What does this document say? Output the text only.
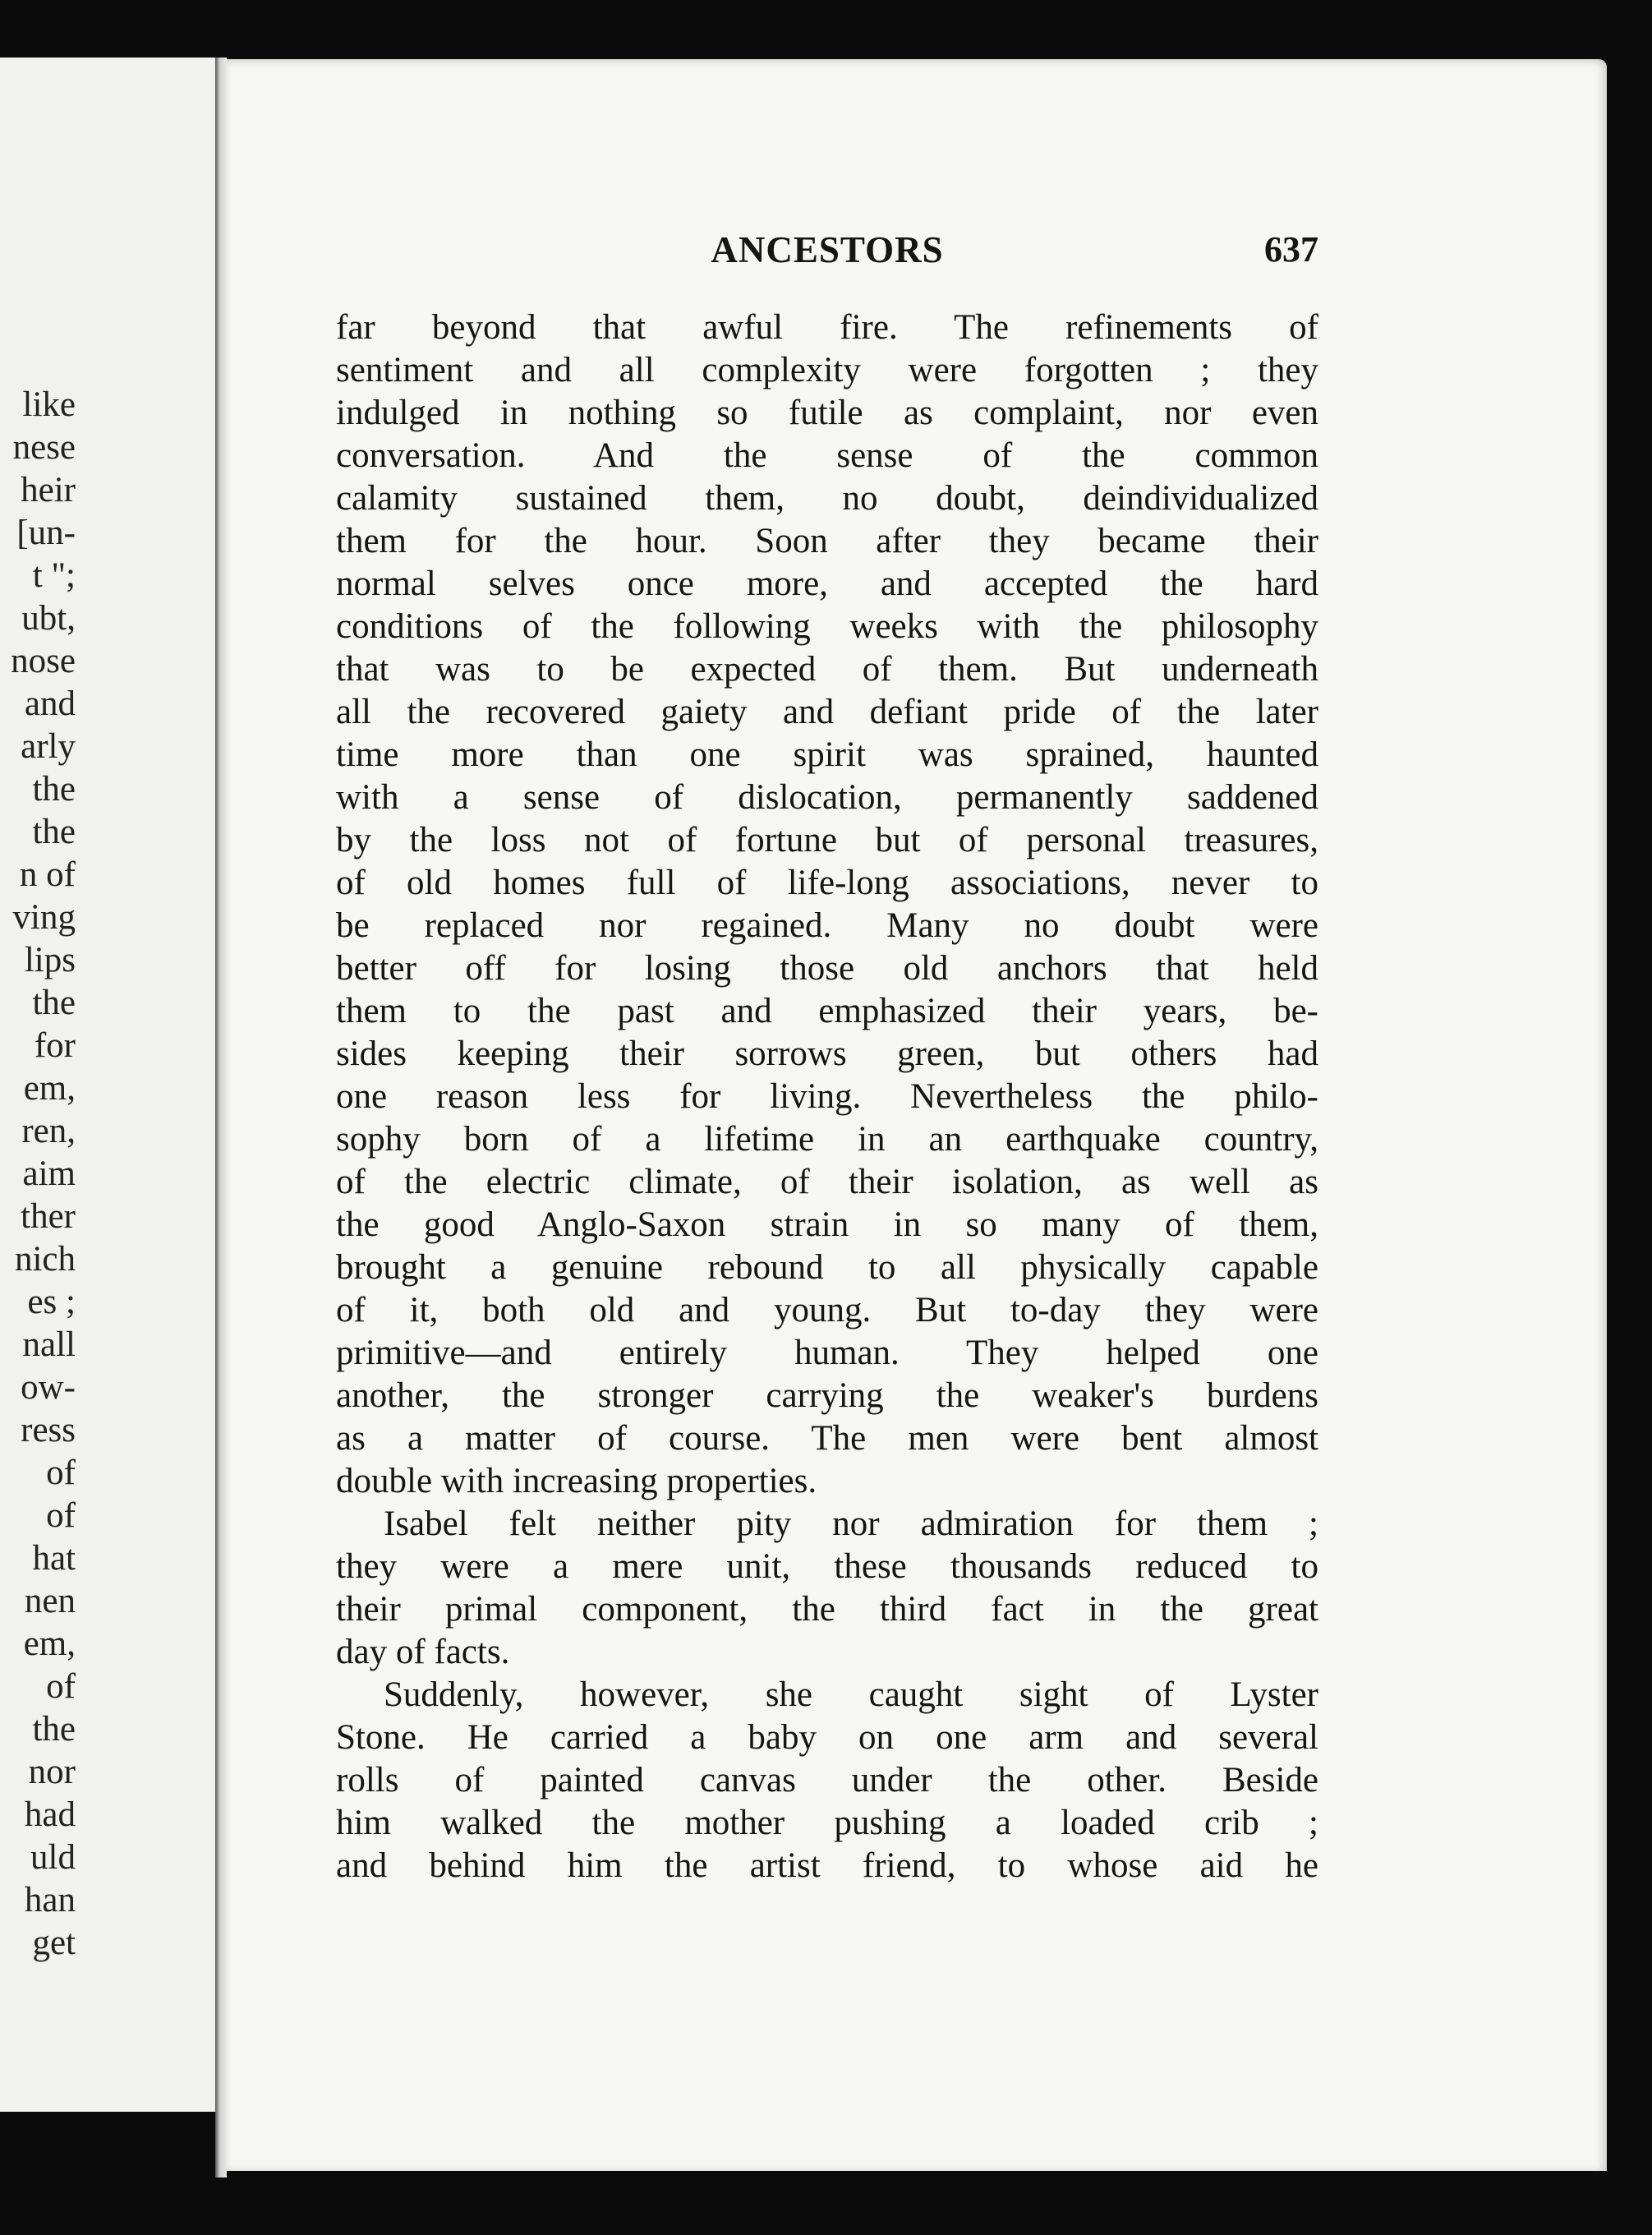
like
nese
heir
[un-
t ";
ubt,
nose
and
arly
the
the
n of
ving
lips
the
for
em,
ren,
aim
ther
nich
es ;
nall
ow-
ress
of
of
hat
nen
em,
of
the
nor
had
uld
han
get
ANCESTORS	637
far beyond that awful fire. The refinements of
sentiment and all complexity were forgotten ; they
indulged in nothing so futile as complaint, nor even
conversation. And the sense of the common
calamity sustained them, no doubt, deindividualized
them for the hour. Soon after they became their
normal selves once more, and accepted the hard
conditions of the following weeks with the philosophy
that was to be expected of them. But underneath
all the recovered gaiety and defiant pride of the later
time more than one spirit was sprained, haunted
with a sense of dislocation, permanently saddened
by the loss not of fortune but of personal treasures,
of old homes full of life-long associations, never to
be replaced nor regained. Many no doubt were
better off for losing those old anchors that held
them to the past and emphasized their years, be-
sides keeping their sorrows green, but others had
one reason less for living. Nevertheless the philo-
sophy born of a lifetime in an earthquake country,
of the electric climate, of their isolation, as well as
the good Anglo-Saxon strain in so many of them,
brought a genuine rebound to all physically capable
of it, both old and young. But to-day they were
primitive—and entirely human. They helped one
another, the stronger carrying the weaker's burdens
as a matter of course. The men were bent almost
double with increasing properties.
Isabel felt neither pity nor admiration for them ;
they were a mere unit, these thousands reduced to
their primal component, the third fact in the great
day of facts.
Suddenly, however, she caught sight of Lyster
Stone. He carried a baby on one arm and several
rolls of painted canvas under the other. Beside
him walked the mother pushing a loaded crib ;
and behind him the artist friend, to whose aid he
